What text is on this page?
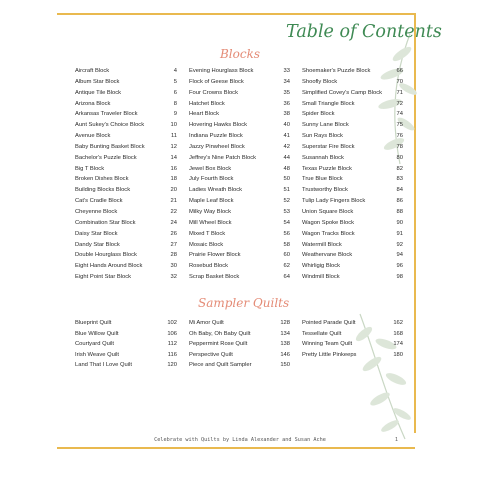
Table of Contents
Blocks
Aircraft Block	4
Album Star Block	5
Antique Tile Block	6
Arizona Block	8
Arkansas Traveler Block	9
Aunt Sukey's Choice Block	10
Avenue Block	11
Baby Bunting Basket Block	12
Bachelor's Puzzle Block	14
Big T Block	16
Broken Dishes Block	18
Building Blocks Block	20
Cat's Cradle Block	21
Cheyenne Block	22
Combination Star Block	24
Daisy Star Block	26
Dandy Star Block	27
Double Hourglass Block	28
Eight Hands Around Block	30
Eight Point Star Block	32
Evening Hourglass Block	33
Flock of Geese Block	34
Four Crowns Block	35
Hatchet Block	36
Heart Block	38
Hovering Hawks Block	40
Indiana Puzzle Block	41
Jazzy Pinwheel Block	42
Jeffrey's Nine Patch Block	44
Jewel Box Block	48
July Fourth Block	50
Ladies Wreath Block	51
Maple Leaf Block	52
Milky Way Block	53
Mill Wheel Block	54
Mixed T Block	56
Mosaic Block	58
Prairie Flower Block	60
Rosebud Block	62
Scrap Basket Block	64
Shoemaker's Puzzle Block	66
Shoofly Block	70
Simplified Covey's Camp Block	71
Small Triangle Block	72
Spider Block	74
Sunny Lane Block	75
Sun Rays Block	76
Superstar Fire Block	78
Susannah Block	80
Texas Puzzle Block	82
True Blue Block	83
Trustworthy Block	84
Tulip Lady Fingers Block	86
Union Square Block	88
Wagon Spoke Block	90
Wagon Tracks Block	91
Watermill Block	92
Weathervane Block	94
Whirligig Block	96
Windmill Block	98
Sampler Quilts
Blueprint Quilt	102
Blue Willow Quilt	106
Courtyard Quilt	112
Irish Weave Quilt	116
Land That I Love Quilt	120
Mi Amor Quilt	128
Oh Baby, Oh Baby Quilt	134
Peppermint Rose Quilt	138
Perspective Quilt	146
Piece and Quilt Sampler	150
Pointed Parade Quilt	162
Tessellate Quilt	168
Winning Team Quilt	174
Pretty Little Pinkeeps	180
Celebrate with Quilts by Linda Alexander and Susan Ache	1
